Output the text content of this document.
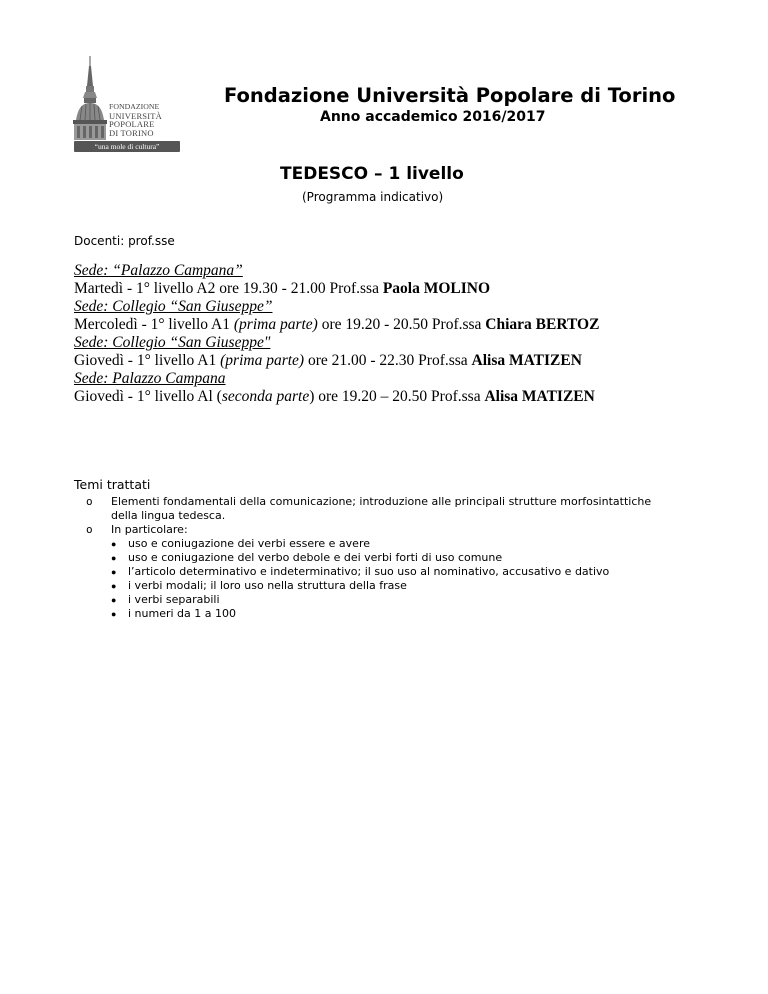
FONDAZIONE
UNIVERSITÀ
POPOLARE
DI TORINO
“una mole di cultura”
Fondazione Università Popolare di Torino
Anno accademico 2016/2017
TEDESCO – 1 livello
(Programma indicativo)
Docenti: prof.sse
Sede: “Palazzo Campana”
Martedì - 1° livello A2 ore 19.30 - 21.00 Prof.ssa Paola MOLINO
Sede: Collegio “San Giuseppe”
Mercoledì - 1° livello A1 (prima parte) ore 19.20 - 20.50 Prof.ssa Chiara BERTOZ
Sede: Collegio “San Giuseppe"
Giovedì - 1° livello A1 (prima parte) ore 21.00 - 22.30 Prof.ssa Alisa MATIZEN
Sede: Palazzo Campana
Giovedì - 1° livello Al (seconda parte) ore 19.20 – 20.50 Prof.ssa Alisa MATIZEN
Temi trattati
o Elementi fondamentali della comunicazione; introduzione alle principali strutture morfosintattiche
della lingua tedesca.
o In particolare:
● uso e coniugazione dei verbi essere e avere
● uso e coniugazione del verbo debole e dei verbi forti di uso comune
● l’articolo determinativo e indeterminativo; il suo uso al nominativo, accusativo e dativo
● i verbi modali; il loro uso nella struttura della frase
● i verbi separabili
● i numeri da 1 a 100
